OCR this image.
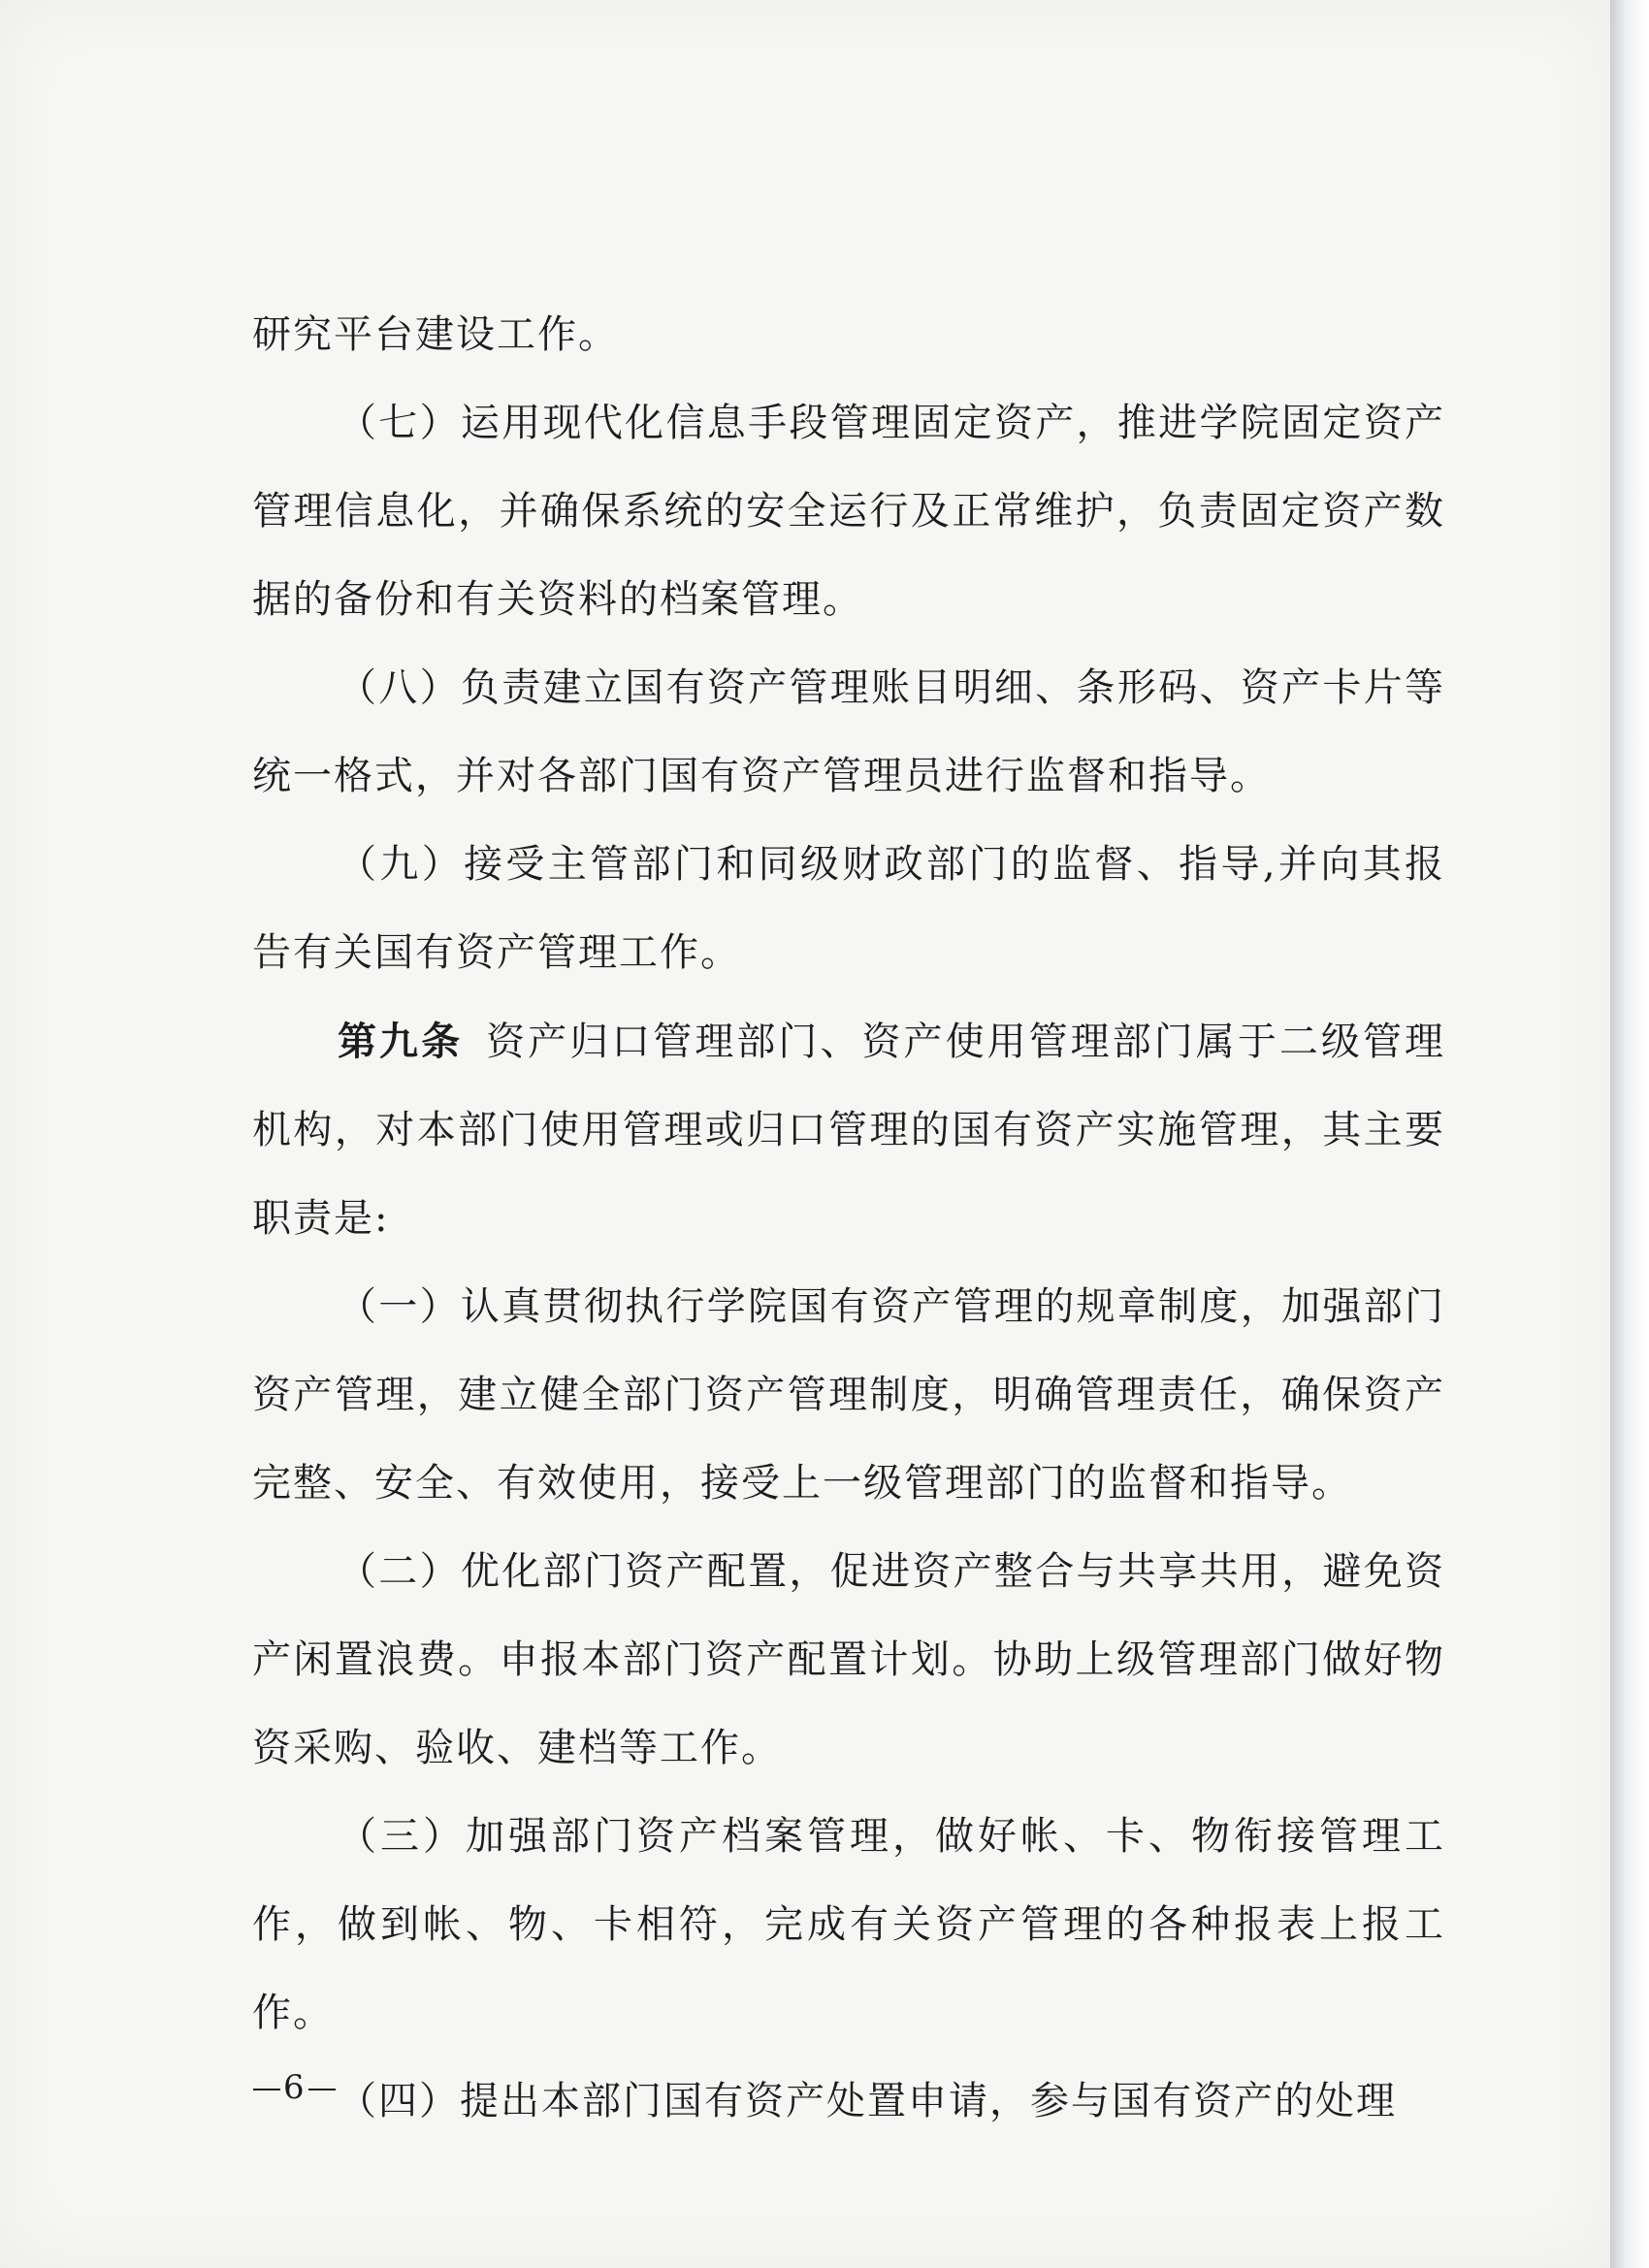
研究平台建设工作。

（七）运用现代化信息手段管理固定资产，推进学院固定资产管理信息化，并确保系统的安全运行及正常维护，负责固定资产数据的备份和有关资料的档案管理。

（八）负责建立国有资产管理账目明细、条形码、资产卡片等统一格式，并对各部门国有资产管理员进行监督和指导。

（九）接受主管部门和同级财政部门的监督、指导,并向其报告有关国有资产管理工作。

第九条 资产归口管理部门、资产使用管理部门属于二级管理机构，对本部门使用管理或归口管理的国有资产实施管理，其主要职责是:

（一）认真贯彻执行学院国有资产管理的规章制度，加强部门资产管理，建立健全部门资产管理制度，明确管理责任，确保资产完整、安全、有效使用，接受上一级管理部门的监督和指导。

（二）优化部门资产配置，促进资产整合与共享共用，避免资产闲置浪费。申报本部门资产配置计划。协助上级管理部门做好物资采购、验收、建档等工作。

（三）加强部门资产档案管理，做好帐、卡、物衔接管理工作，做到帐、物、卡相符，完成有关资产管理的各种报表上报工作。

（四）提出本部门国有资产处置申请，参与国有资产的处理

6
